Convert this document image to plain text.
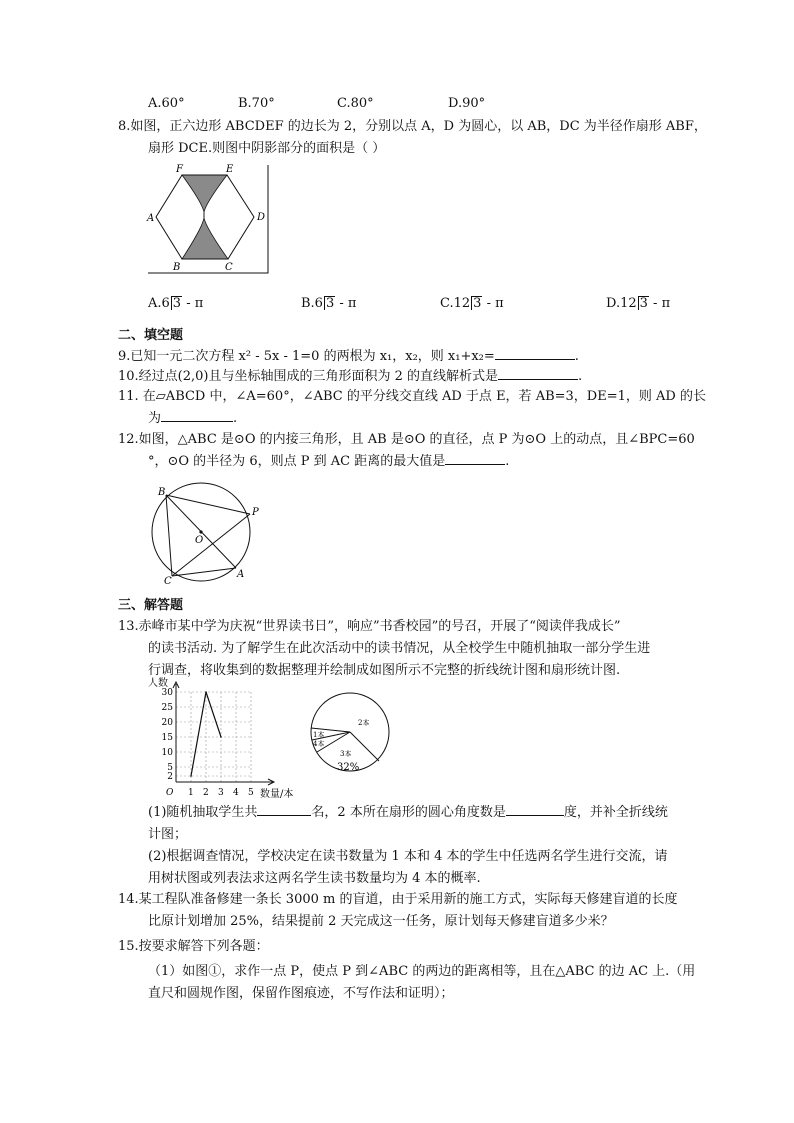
A.60°	B.70°	C.80°	D.90°
8.如图，正六边形 ABCDEF 的边长为 2，分别以点 A，D 为圆心，以 AB，DC 为半径作扇形 ABF，
扇形 DCE.则图中阴影部分的面积是（ ）
F	E
A	D
B	C
A.6 3 - π	B.6 3 - π	C.12 3 - π	D.12 3 - π
二、填空题
9.已知一元二次方程 x² - 5x - 1=0 的两根为 x₁，x₂，则 x₁+x₂=	.
10.经过点(2,0)且与坐标轴围成的三角形面积为 2 的直线解析式是	.
11. 在▱ABCD 中，∠A=60°，∠ABC 的平分线交直线 AD 于点 E，若 AB=3，DE=1，则 AD 的长
为	.
12.如图，△ABC 是⊙O 的内接三角形，且 AB 是⊙O 的直径，点 P 为⊙O 上的动点，且∠BPC=60
°，⊙O 的半径为 6，则点 P 到 AC 距离的最大值是	.
B
P
O
C
A
三、解答题
13.赤峰市某中学为庆祝“世界读书日”，响应”书香校园”的号召，开展了“阅读伴我成长”
的读书活动. 为了解学生在此次活动中的读书情况，从全校学生中随机抽取一部分学生进
行调查，将收集到的数据整理并绘制成如图所示不完整的折线统计图和扇形统计图.
2
5
10
15
20
25
30
O 1 2 3 4 5
人数
数量/本
1本
4本
3本
2本
32%
(1)随机抽取学生共	名，2 本所在扇形的圆心角度数是	度，并补全折线统
计图；
(2)根据调查情况，学校决定在读书数量为 1 本和 4 本的学生中任选两名学生进行交流，请
用树状图或列表法求这两名学生读书数量均为 4 本的概率.
14.某工程队准备修建一条长 3000 m 的盲道，由于采用新的施工方式，实际每天修建盲道的长度
比原计划增加 25%，结果提前 2 天完成这一任务，原计划每天修建盲道多少米？
15.按要求解答下列各题：
（1）如图①，求作一点 P，使点 P 到∠ABC 的两边的距离相等，且在△ABC 的边 AC 上.（用
直尺和圆规作图，保留作图痕迹，不写作法和证明）；
